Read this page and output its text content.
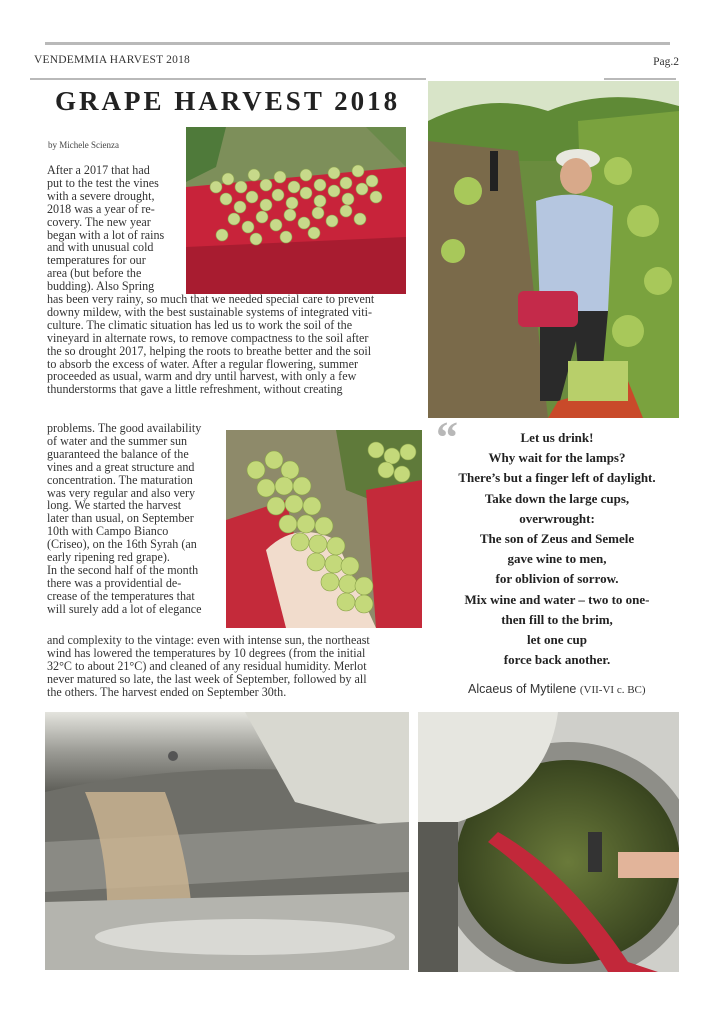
VENDEMMIA HARVEST 2018	Pag.2
GRAPE HARVEST 2018
by Michele Scienza
After a 2017 that had
put to the test the vines
with a severe drought,
2018 was a year of re-
covery. The new year
began with a lot of rains
and with unusual cold
temperatures for our
area (but before the
budding). Also Spring
has been very rainy, so much that we needed special care to prevent
downy mildew, with the best sustainable systems of integrated viti-
culture. The climatic situation has led us to work the soil of the
vineyard in alternate rows, to remove compactness to the soil after
the so drought 2017, helping the roots to breathe better and the soil
to absorb the excess of water. After a regular flowering, summer
proceeded as usual, warm and dry until harvest, with only a few
thunderstorms that gave a little refreshment, without creating
problems. The good availability
of water and the summer sun
guaranteed the balance of the
vines and a great structure and
concentration. The maturation
was very regular and also very
long. We started the harvest
later than usual, on September
10th with Campo Bianco
(Criseo), on the 16th Syrah (an
early ripening red grape).
In the second half of the month
there was a providential de-
crease of the temperatures that
will surely add a lot of elegance
and complexity to the vintage: even with intense sun, the northeast
wind has lowered the temperatures by 10 degrees (from the initial
32°C to about 21°C) and cleaned of any residual humidity. Merlot
never matured so late, the last week of September, followed by all
the others. The harvest ended on September 30th.
“	Let us drink!
Why wait for the lamps?
There’s but a finger left of daylight.
Take down the large cups,
overwrought:
The son of Zeus and Semele
gave wine to men,
for oblivion of sorrow.
Mix wine and water – two to one-
then fill to the brim,
let one cup
force back another.
Alcaeus of Mytilene (VII-VI c. BC)
